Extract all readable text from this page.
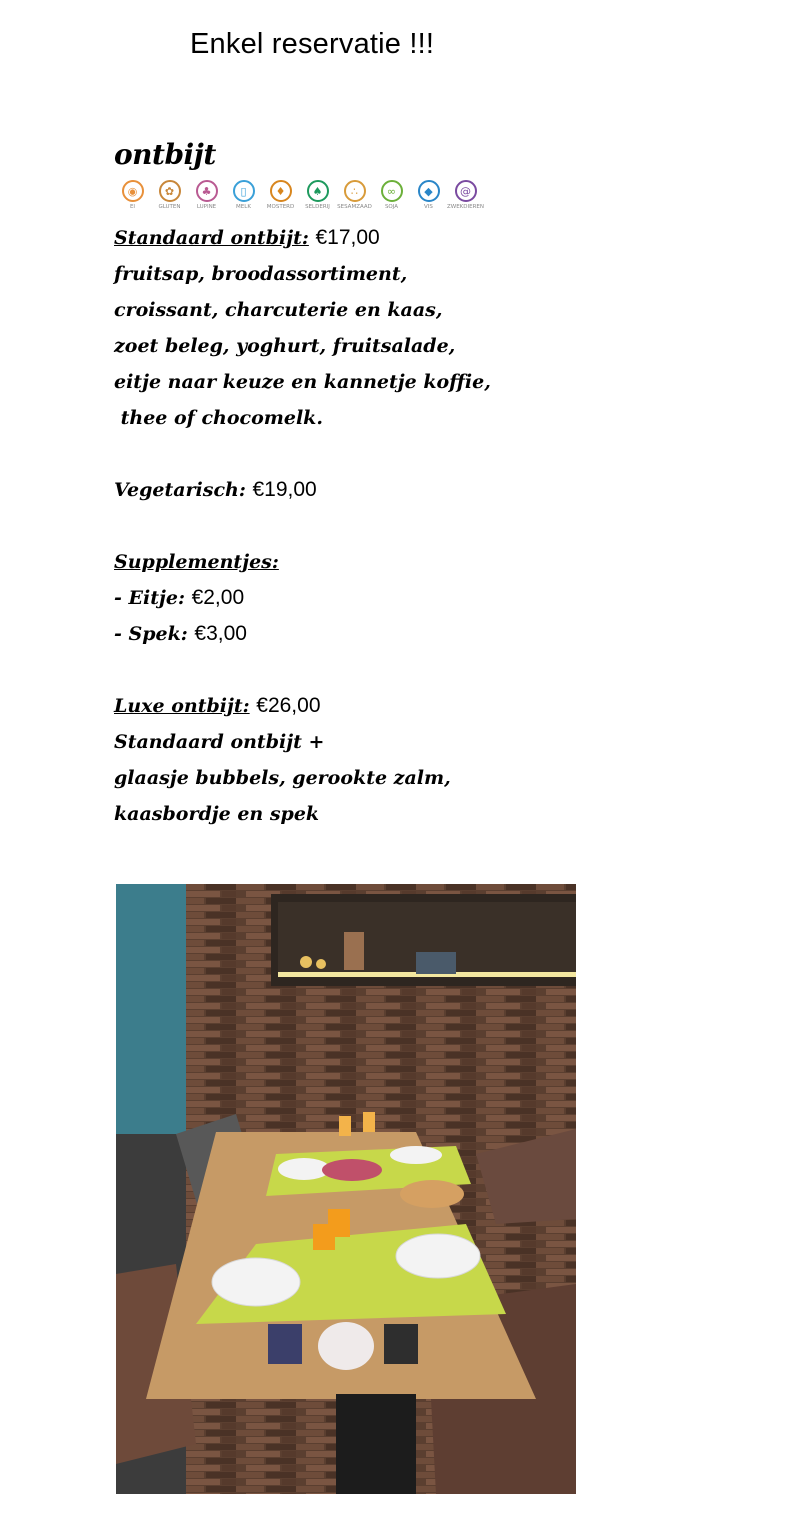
Enkel reservatie !!!
ontbijt
◉
EI
✿
GLUTEN
♣
LUPINE
▯
MELK
♦
MOSTERD
♠
SELDERIJ
∴
SESAMZAAD
∞
SOJA
◆
VIS
@
ZWEKDIEREN
Standaard ontbijt: €17,00
fruitsap, broodassortiment,
croissant, charcuterie en kaas,
zoet beleg, yoghurt, fruitsalade,
eitje naar keuze en kannetje koffie,
thee of chocomelk.
Vegetarisch: €19,00
Supplementjes:
- Eitje: €2,00
- Spek: €3,00
Luxe ontbijt: €26,00
Standaard ontbijt +
glaasje bubbels, gerookte zalm,
kaasbordje en spek
